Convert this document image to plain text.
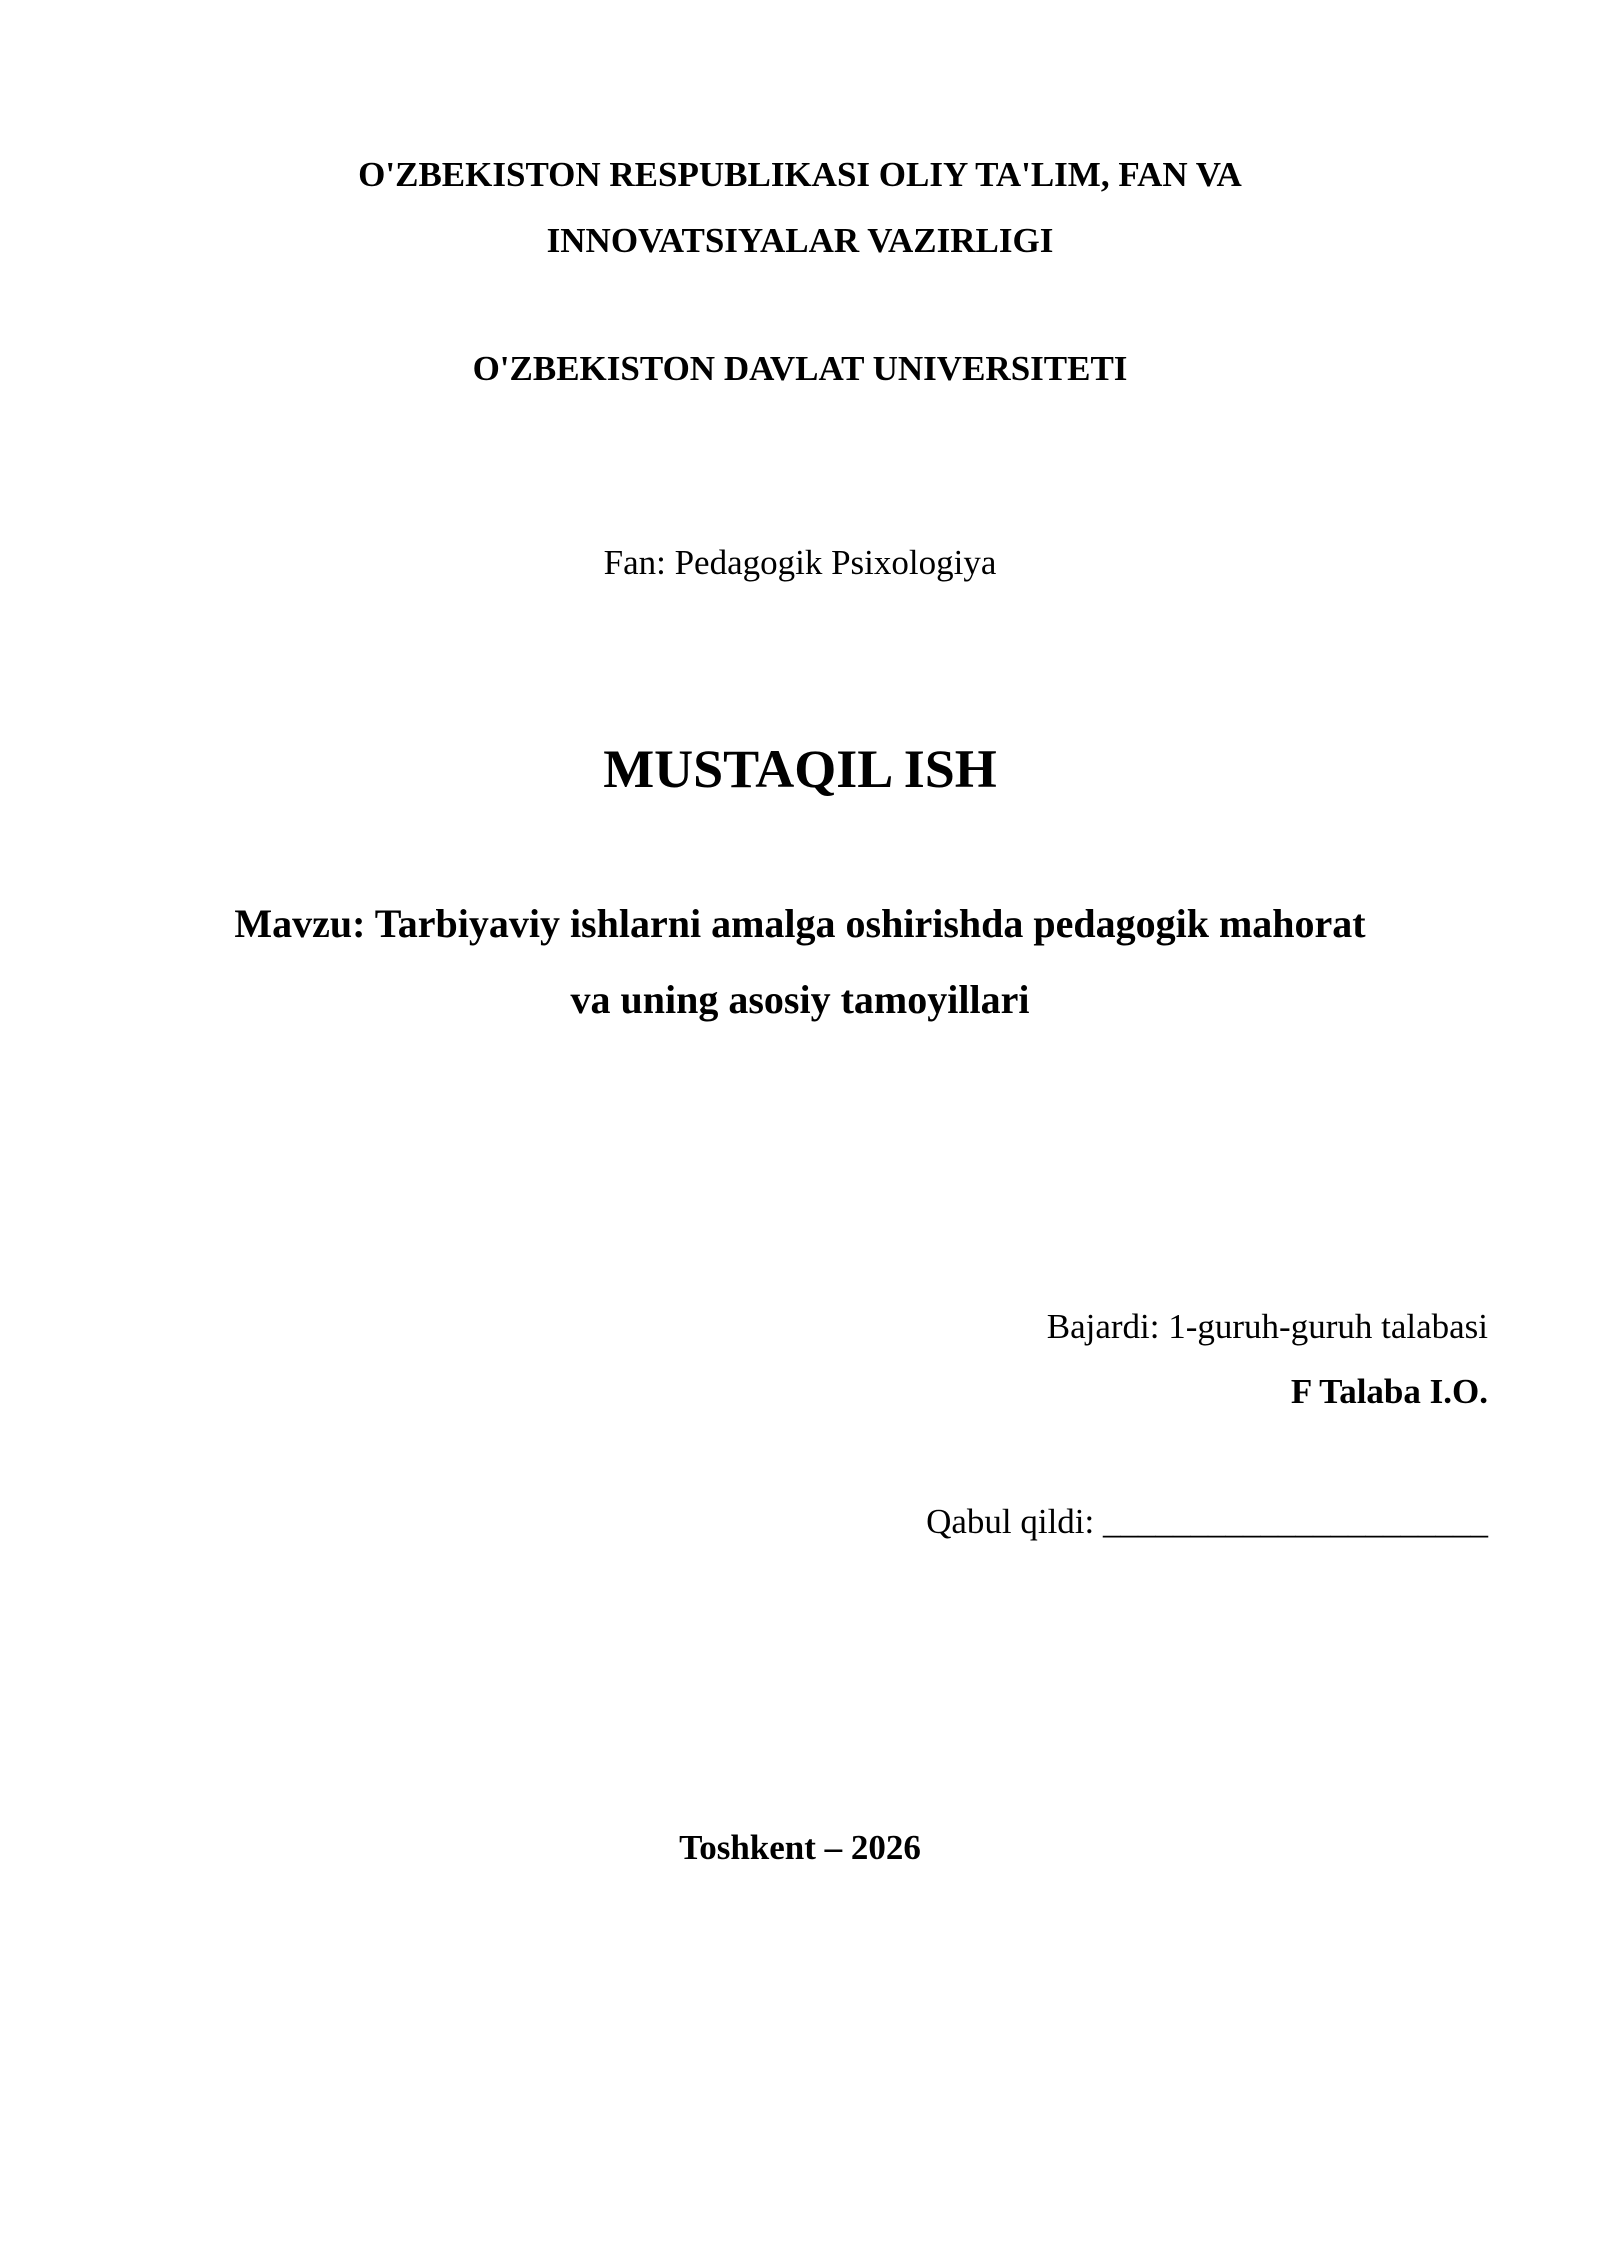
O'ZBEKISTON RESPUBLIKASI OLIY TA'LIM, FAN VA
INNOVATSIYALAR VAZIRLIGI
O'ZBEKISTON DAVLAT UNIVERSITETI
Fan: Pedagogik Psixologiya
MUSTAQIL ISH
Mavzu: Tarbiyaviy ishlarni amalga oshirishda pedagogik mahorat
va uning asosiy tamoyillari
Bajardi: 1-guruh-guruh talabasi
F Talaba I.O.
Qabul qildi: ______________________
Toshkent – 2026
